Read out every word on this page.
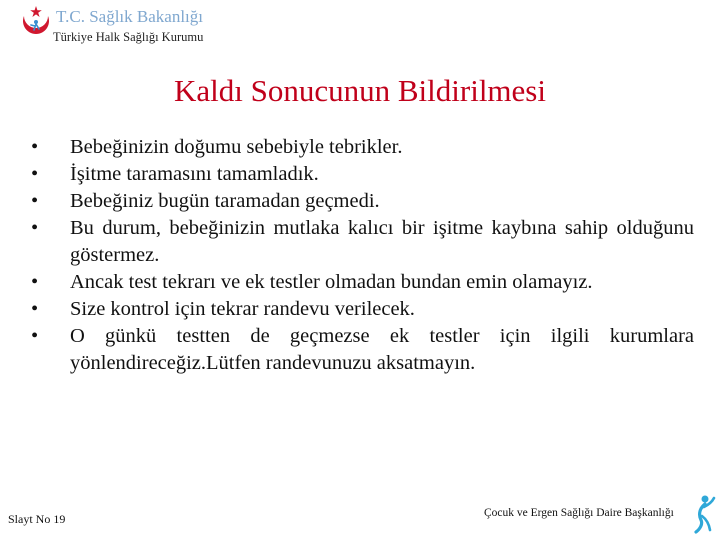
T.C. Sağlık Bakanlığı
Türkiye Halk Sağlığı Kurumu
Kaldı Sonucunun Bildirilmesi
•	Bebeğinizin doğumu sebebiyle tebrikler.
•	İşitme taramasını tamamladık.
•	Bebeğiniz bugün taramadan geçmedi.
•	Bu durum, bebeğinizin mutlaka kalıcı bir işitme kaybına sahip olduğunu göstermez.
•	Ancak test tekrarı ve ek testler olmadan bundan emin olamayız.
•	Size kontrol için tekrar randevu verilecek.
•	O günkü testten de geçmezse ek testler için ilgili kurumlara yönlendireceğiz.Lütfen randevunuzu aksatmayın.
Slayt No 19	Çocuk ve Ergen Sağlığı Daire Başkanlığı
